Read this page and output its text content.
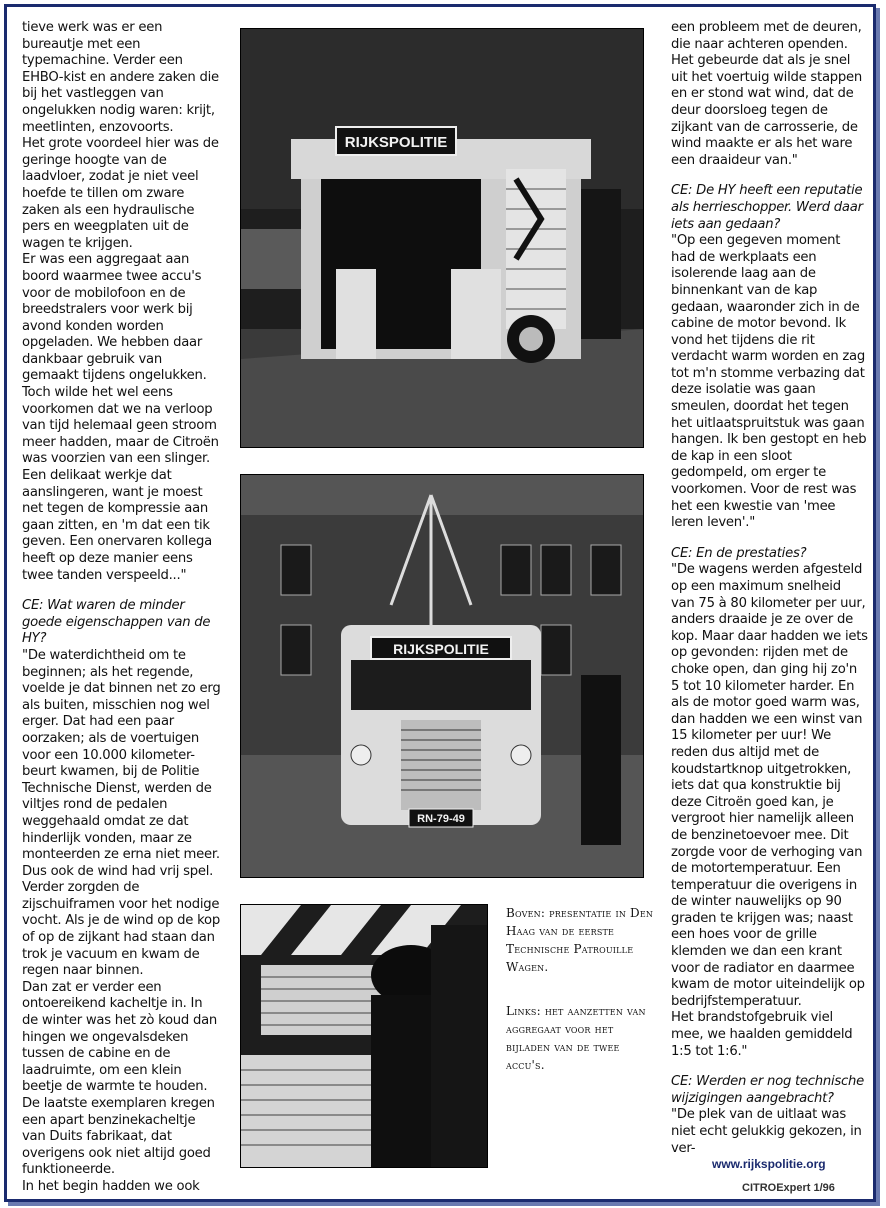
tieve werk was er een bureautje met een typemachine. Verder een EHBO-kist en andere zaken die bij het vastleggen van ongelukken nodig waren: krijt, meetlinten, enzovoorts.

Het grote voordeel hier was de geringe hoogte van de laadvloer, zodat je niet veel hoefde te tillen om zware zaken als een hydraulische pers en weegplaten uit de wagen te krijgen.

Er was een aggregaat aan boord waarmee twee accu's voor de mobilofoon en de breedstralers voor werk bij avond konden worden opgeladen. We hebben daar dankbaar gebruik van gemaakt tijdens ongelukken. Toch wilde het wel eens voorkomen dat we na verloop van tijd helemaal geen stroom meer hadden, maar de Citroën was voorzien van een slinger. Een delikaat werkje dat aanslingeren, want je moest net tegen de kompressie aan gaan zitten, en 'm dat een tik geven. Een onervaren kollega heeft op deze manier eens twee tanden verspeeld..."

CE: Wat waren de minder goede eigenschappen van de HY?

"De waterdichtheid om te beginnen; als het regende, voelde je dat binnen net zo erg als buiten, misschien nog wel erger. Dat had een paar oorzaken; als de voertuigen voor een 10.000 kilometer-beurt kwamen, bij de Politie Technische Dienst, werden de viltjes rond de pedalen weggehaald omdat ze dat hinderlijk vonden, maar ze monteerden ze erna niet meer. Dus ook de wind had vrij spel. Verder zorgden de zijschuiframen voor het nodige vocht. Als je de wind op de kop of op de zijkant had staan dan trok je vacuum en kwam de regen naar binnen.

Dan zat er verder een ontoereikend kacheltje in. In de winter was het zò koud dan hingen we ongevalsdeken tussen de cabine en de laadruimte, om een klein beetje de warmte te houden. De laatste exemplaren kregen een apart benzinekacheltje van Duits fabrikaat, dat overigens ook niet altijd goed funktioneerde.

In het begin hadden we ook

RIJKSPOLITIE
RIJKSPOLITIE
RN-79-49
Boven: presentatie in Den Haag van de eerste Technische Patrouille Wagen.
Links: het aanzetten van aggregaat voor het bijladen van de twee accu's.

een probleem met de deuren, die naar achteren openden. Het gebeurde dat als je snel uit het voertuig wilde stappen en er stond wat wind, dat de deur doorsloeg tegen de zijkant van de carrosserie, de wind maakte er als het ware een draaideur van."

CE: De HY heeft een reputatie als herrieschopper. Werd daar iets aan gedaan?

"Op een gegeven moment had de werkplaats een isolerende laag aan de binnenkant van de kap gedaan, waaronder zich in de cabine de motor bevond. Ik vond het tijdens die rit verdacht warm worden en zag tot m'n stomme verbazing dat deze isolatie was gaan smeulen, doordat het tegen het uitlaatspruitstuk was gaan hangen. Ik ben gestopt en heb de kap in een sloot gedompeld, om erger te voorkomen. Voor de rest was het een kwestie van 'mee leren leven'."

CE: En de prestaties?

"De wagens werden afgesteld op een maximum snelheid van 75 à 80 kilometer per uur, anders draaide je ze over de kop. Maar daar hadden we iets op gevonden: rijden met de choke open, dan ging hij zo'n 5 tot 10 kilometer harder. En als de motor goed warm was, dan hadden we een winst van 15 kilometer per uur! We reden dus altijd met de koudstartknop uitgetrokken, iets dat qua konstruktie bij deze Citroën goed kan, je vergroot hier namelijk alleen de benzinetoevoer mee. Dit zorgde voor de verhoging van de motortemperatuur. Een temperatuur die overigens in de winter nauwelijks op 90 graden te krijgen was; naast een hoes voor de grille klemden we dan een krant voor de radiator en daarmee kwam de motor uiteindelijk op bedrijfstemperatuur.

Het brandstofgebruik viel mee, we haalden gemiddeld 1:5 tot 1:6."

CE: Werden er nog technische wijzigingen aangebracht?

"De plek van de uitlaat was niet echt gelukkig gekozen, in ver-

www.rijkspolitie.org
CITROExpert 1/96
